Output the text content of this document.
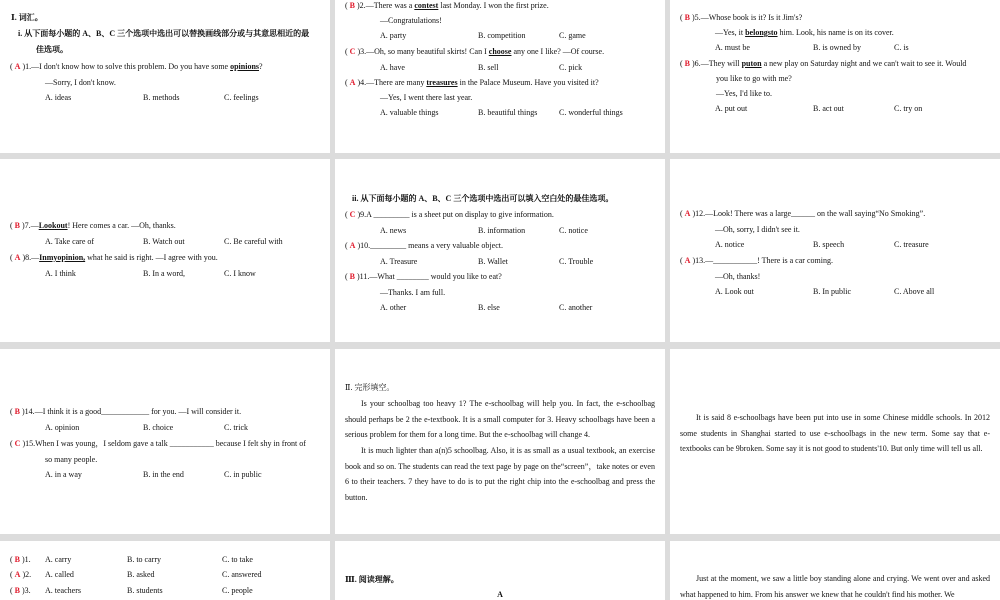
Ⅰ. 词汇。
i. 从下面每小题的 A、B、C 三个选项中选出可以替换画线部分或与其意思相近的最
佳选项。
( A )1.—I don't know how to solve this problem. Do you have some opinions?
—Sorry, I don't know.
A. ideas	B. methods	C. feelings
( B )2.—There was a contest last Monday. I won the first prize.
—Congratulations!
A. party	B. competition	C. game
( C )3.—Oh, so many beautiful skirts! Can I choose any one I like? —Of course.
A. have	B. sell	C. pick
( A )4.—There are many treasures in the Palace Museum. Have you visited it?
—Yes, I went there last year.
A. valuable things	B. beautiful things	C. wonderful things
( B )5.—Whose book is it? Is it Jim's?
—Yes, it belongsto him. Look, his name is on its cover.
A. must be	B. is owned by	C. is
( B )6.—They will puton a new play on Saturday night and we can't wait to see it. Would
you like to go with me?
—Yes, I'd like to.
A. put out	B. act out	C. try on
( B )7.—Lookout! Here comes a car. —Oh, thanks.
A. Take care of	B. Watch out	C. Be careful with
( A )8.—Inmyopinion, what he said is right. —I agree with you.
A. I think	B. In a word,	C. I know
ii. 从下面每小题的 A、B、C 三个选项中选出可以填入空白处的最佳选项。
( C )9.A _________ is a sheet put on display to give information.
A. news	B. information	C. notice
( A )10._________ means a very valuable object.
A. Treasure	B. Wallet	C. Trouble
( B )11.—What ________ would you like to eat?
—Thanks. I am full.
A. other	B. else	C. another
( A )12.—Look! There was a large______ on the wall saying“No Smoking”.
—Oh, sorry, I didn't see it.
A. notice	B. speech	C. treasure
( A )13.—___________! There is a car coming.
—Oh, thanks!
A. Look out	B. In public	C. Above all
( B )14.—I think it is a good____________ for you. —I will consider it.
A. opinion	B. choice	C. trick
( C )15.When I was young，I seldom gave a talk ___________ because I felt shy in front of
so many people.
A. in a way	B. in the end	C. in public
Ⅱ. 完形填空。
Is your schoolbag too heavy 1? The e-schoolbag will help you. In fact, the e-schoolbag should perhaps be 2 the e-textbook. It is a small computer for 3. Heavy schoolbags have been a serious problem for them for a long time. But the e-schoolbag will change 4.
It is much lighter than a(n)5 schoolbag. Also, it is as small as a usual textbook, an exercise book and so on. The students can read the text page by page on the“screen”，take notes or even 6 to their teachers. 7 they have to do is to put the right chip into the e-schoolbag and press the button.
It is said 8 e-schoolbags have been put into use in some Chinese middle schools. In 2012 some students in Shanghai started to use e-schoolbags in the new term. Some say that e-textbooks can be 9broken. Some say it is not good to students'10. But only time will tell us all.
( B )1. A. carry	B. to carry	C. to take
( A )2. A. called	B. asked	C. answered
( B )3. A. teachers	B. students	C. people
Ⅲ. 阅读理解。
A
Just at the moment, we saw a little boy standing alone and crying. We went over and asked what happened to him. From his answer we knew that he couldn't find his mother. We
